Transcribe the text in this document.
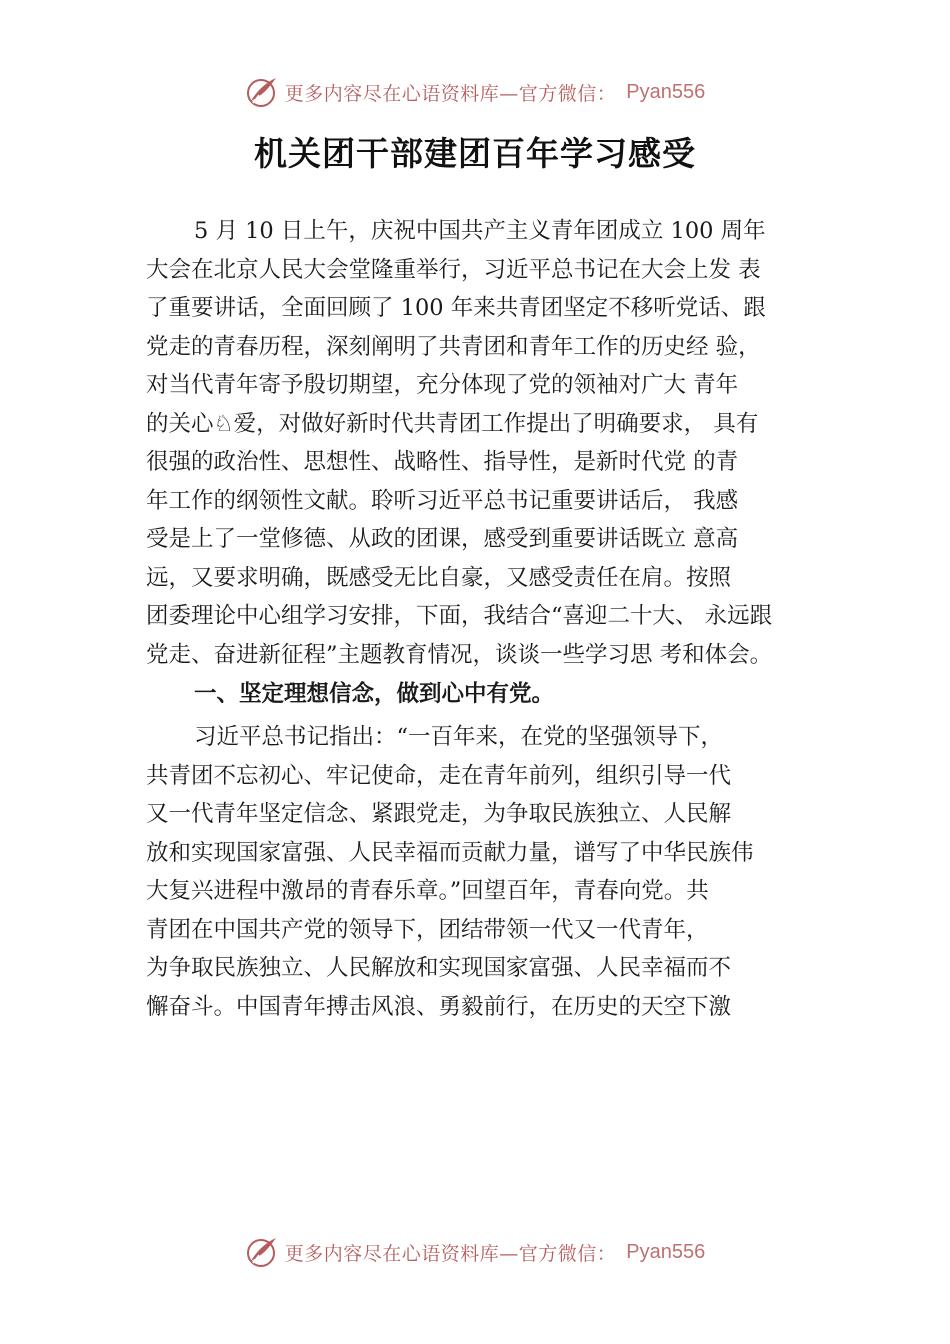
更多内容尽在心语资料库—官方微信： Pyan556
机关团干部建团百年学习感受
5 月 10 日上午，庆祝中国共产主义青年团成立 100 周年
大会在北京人民大会堂隆重举行，习近平总书记在大会上发 表
了重要讲话，全面回顾了 100 年来共青团坚定不移听党话、跟
党走的青春历程，深刻阐明了共青团和青年工作的历史经 验，
对当代青年寄予殷切期望，充分体现了党的领袖对广大 青年
的关心♘爱，对做好新时代共青团工作提出了明确要求， 具有
很强的政治性、思想性、战略性、指导性，是新时代党 的青
年工作的纲领性文献。聆听习近平总书记重要讲话后， 我感
受是上了一堂修德、从政的团课，感受到重要讲话既立 意高
远，又要求明确，既感受无比自豪，又感受责任在肩。按照
团委理论中心组学习安排，下面，我结合“喜迎二十大、 永远跟
党走、奋进新征程”主题教育情况，谈谈一些学习思 考和体会。
一、坚定理想信念，做到心中有党。
习近平总书记指出：“一百年来，在党的坚强领导下，
共青团不忘初心、牢记使命，走在青年前列，组织引导一代
又一代青年坚定信念、紧跟党走，为争取民族独立、人民解
放和实现国家富强、人民幸福而贡献力量，谱写了中华民族伟
大复兴进程中激昂的青春乐章。”回望百年，青春向党。共
青团在中国共产党的领导下，团结带领一代又一代青年，
为争取民族独立、人民解放和实现国家富强、人民幸福而不
懈奋斗。中国青年搏击风浪、勇毅前行，在历史的天空下激
更多内容尽在心语资料库—官方微信： Pyan556
